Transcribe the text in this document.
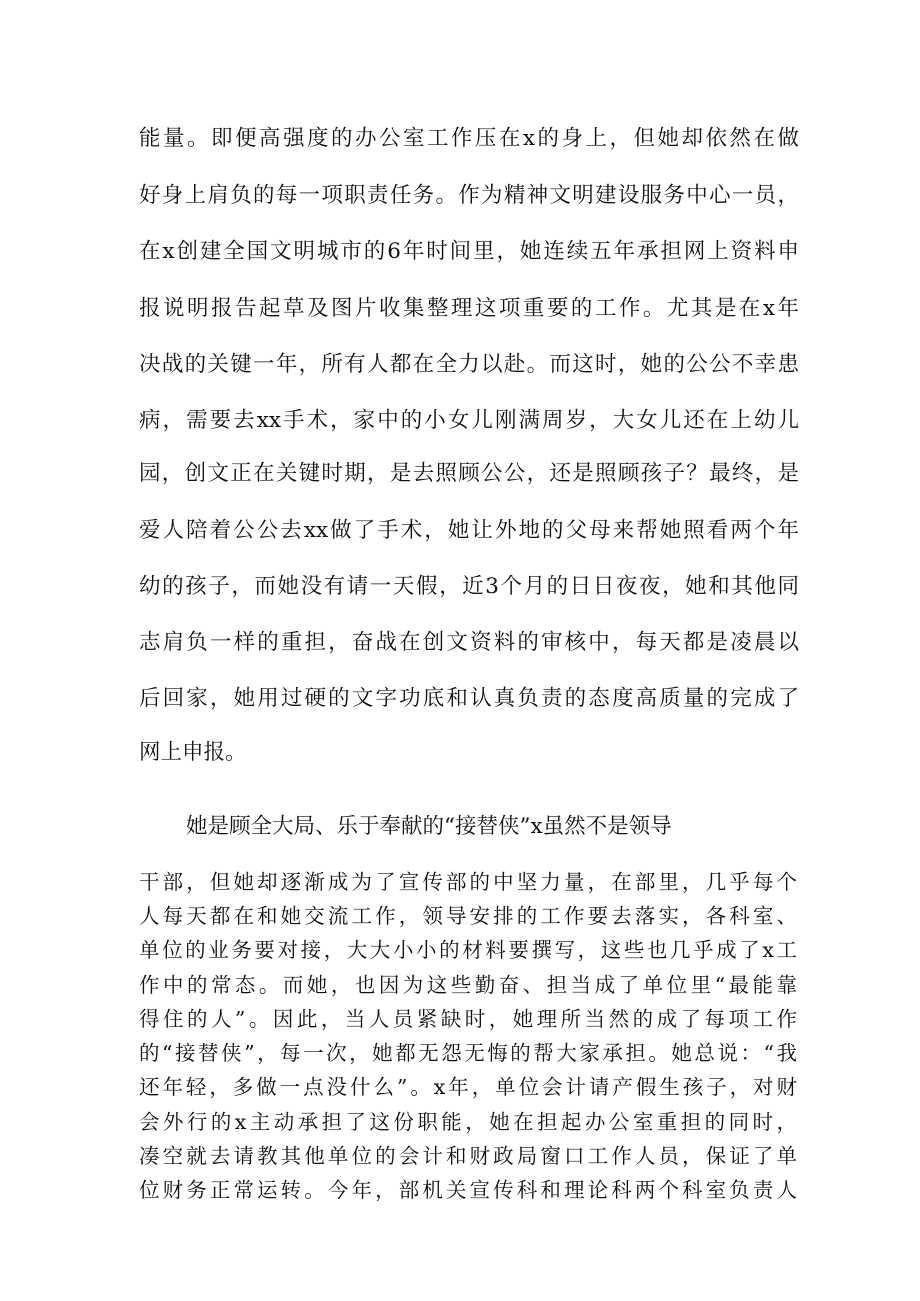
能量。即便高强度的办公室工作压在x的身上，但她却依然在做
好身上肩负的每一项职责任务。作为精神文明建设服务中心一员，
在x创建全国文明城市的6年时间里，她连续五年承担网上资料申
报说明报告起草及图片收集整理这项重要的工作。尤其是在x年
决战的关键一年，所有人都在全力以赴。而这时，她的公公不幸患
病，需要去xx手术，家中的小女儿刚满周岁，大女儿还在上幼儿
园，创文正在关键时期，是去照顾公公，还是照顾孩子？最终，是
爱人陪着公公去xx做了手术，她让外地的父母来帮她照看两个年
幼的孩子，而她没有请一天假，近3个月的日日夜夜，她和其他同
志肩负一样的重担，奋战在创文资料的审核中，每天都是凌晨以
后回家，她用过硬的文字功底和认真负责的态度高质量的完成了
网上申报。
她是顾全大局、乐于奉献的“接替侠”x虽然不是领导
干部，但她却逐渐成为了宣传部的中坚力量，在部里，几乎每个
人每天都在和她交流工作，领导安排的工作要去落实，各科室、
单位的业务要对接，大大小小的材料要撰写，这些也几乎成了x工
作中的常态。而她，也因为这些勤奋、担当成了单位里“最能靠
得住的人”。因此，当人员紧缺时，她理所当然的成了每项工作
的“接替侠”，每一次，她都无怨无悔的帮大家承担。她总说：“我
还年轻，多做一点没什么”。x年，单位会计请产假生孩子，对财
会外行的x主动承担了这份职能，她在担起办公室重担的同时，
凑空就去请教其他单位的会计和财政局窗口工作人员，保证了单
位财务正常运转。今年，部机关宣传科和理论科两个科室负责人
